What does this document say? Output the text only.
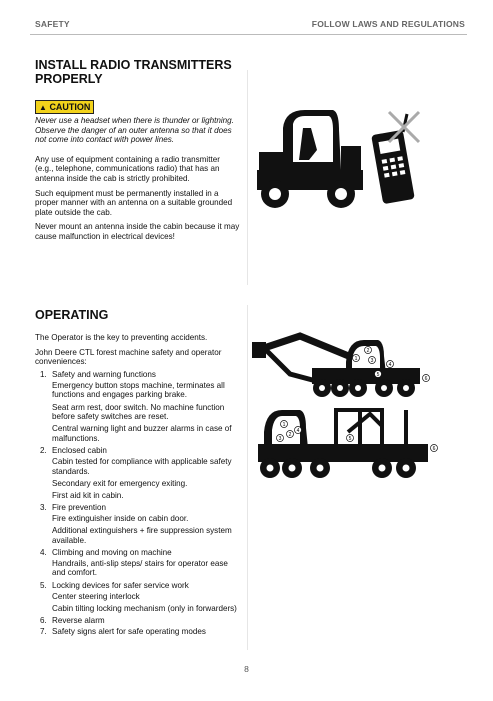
SAFETY	FOLLOW LAWS AND REGULATIONS
INSTALL RADIO TRANSMITTERS
PROPERLY
▲ CAUTION

Never use a headset when there is thunder or lightning. Observe the danger of an outer antenna so that it does not come into contact with power lines.

Any use of equipment containing a radio transmitter (e.g., telephone, communications radio) that has an antenna inside the cab is strictly prohibited.

Such equipment must be permanently installed in a proper manner with an antenna on a suitable grounded plate outside the cab.

Never mount an antenna inside the cabin because it may cause malfunction in electrical devices!

OPERATING

The Operator is the key to preventing accidents.

John Deere CTL forest machine safety and operator conveniences:

1. Safety and warning functions
Emergency button stops machine, terminates all functions and engages parking brake.
Seat arm rest, door switch. No machine function before safety switches are reset.
Central warning light and buzzer alarms in case of malfunctions.
2. Enclosed cabin
Cabin tested for compliance with applicable safety standards.
Secondary exit for emergency exiting.
First aid kit in cabin.
3. Fire prevention
Fire extinguisher inside on cabin door.
Additional extinguishers + fire suppression system available.
4. Climbing and moving on machine
Handrails, anti-slip steps/ stairs for operator ease and comfort.
5. Locking devices for safer service work
Center steering interlock
Cabin tilting locking mechanism (only in forwarders)
6. Reverse alarm
7. Safety signs alert for safe operating modes
1
2
3
4
5
6
1
2
3
4
5
6
8
